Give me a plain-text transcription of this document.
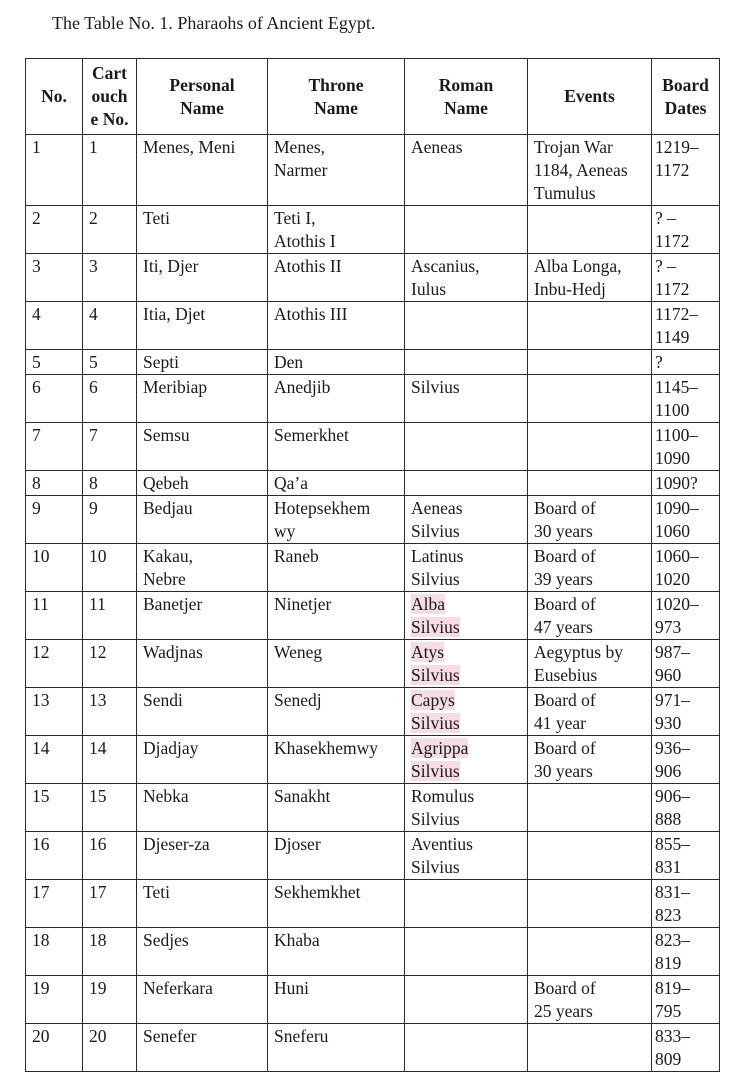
The Table No. 1. Pharaohs of Ancient Egypt.
No.	Cart
ouch
e No.	Personal
Name	Throne
Name	Roman
Name	Events	Board
Dates

1	1	Menes, Meni	Menes,
Narmer	Aeneas	Trojan War
1184, Aeneas
Tumulus	1219–
1172

2	2	Teti	Teti I,
Atothis I			? –
1172

3	3	Iti, Djer	Atothis II	Ascanius,
Iulus	Alba Longa,
Inbu-Hedj	? –
1172

4	4	Itia, Djet	Atothis III			1172–
1149

5	5	Septi	Den			?

6	6	Meribiap	Anedjib	Silvius		1145–
1100

7	7	Semsu	Semerkhet			1100–
1090

8	8	Qebeh	Qa’a			1090?

9	9	Bedjau	Hotepsekhem
wy	Aeneas
Silvius	Board of
30 years	1090–
1060

10	10	Kakau,
Nebre	Raneb	Latinus
Silvius	Board of
39 years	1060–
1020

11	11	Banetjer	Ninetjer	Alba
Silvius	Board of
47 years	1020–
973

12	12	Wadjnas	Weneg	Atys
Silvius	Aegyptus by
Eusebius	987–
960

13	13	Sendi	Senedj	Capys
Silvius	Board of
41 year	971–
930

14	14	Djadjay	Khasekhemwy	Agrippa
Silvius	Board of
30 years	936–
906

15	15	Nebka	Sanakht	Romulus
Silvius		906–
888

16	16	Djeser-za	Djoser	Aventius
Silvius		855–
831

17	17	Teti	Sekhemkhet			831–
823

18	18	Sedjes	Khaba			823–
819

19	19	Neferkara	Huni		Board of
25 years	819–
795

20	20	Senefer	Sneferu			833–
809
